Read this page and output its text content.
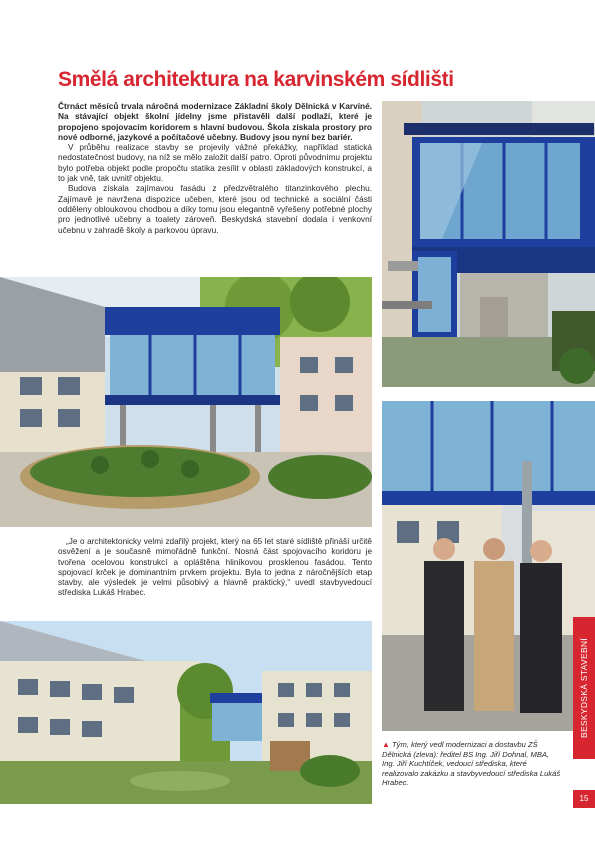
Smělá architektura na karvinském sídlišti

Čtrnáct měsíců trvala náročná modernizace Základní školy Dělnická v Karviné. Na stávající objekt školní jídelny jsme přistavěli další podlaží, které je propojeno spojovacím koridorem s hlavní budovou. Škola získala prostory pro nové odborné, jazykové a počítačové učebny. Budovy jsou nyní bez bariér.

V průběhu realizace stavby se projevily vážné překážky, například statická nedostatečnost budovy, na níž se mělo založit další patro. Oproti původnímu projektu bylo potřeba objekt podle propočtu statika zesílit v oblasti základových konstrukcí, a to jak vně, tak uvnitř objektu.

Budova získala zajímavou fasádu z předzvětralého titanzinkového plechu. Zajímavě je navržena dispozice učeben, které jsou od technické a sociální části odděleny obloukovou chodbou a díky tomu jsou elegantně vyřešeny potřebné plochy pro jednotlivé učebny a toalety zároveň. Beskydská stavební dodala i venkovní učebnu v zahradě školy a parkovou úpravu.

„Je o architektonicky velmi zdařilý projekt, který na 65 let staré sídliště přináší určitě osvěžení a je současně mimořádně funkční. Nosná část spojovacího koridoru je tvořena ocelovou konstrukcí a opláštěna hliníkovou prosklenou fasádou. Tento spojovací krček je dominantním prvkem projektu. Byla to jedna z náročnějších etap stavby, ale výsledek je velmi působivý a hlavně praktický,“ uvedl stavbyvedoucí střediska Lukáš Hrabec.
▲ Tým, který vedl modernizaci a dostavbu ZŠ Dělnická (zleva): ředitel BS Ing. Jiří Dohnal, MBA, Ing. Jiří Kuchtíček, vedoucí střediska, které realizovalo zakázku a stavbyvedoucí střediska Lukáš Hrabec.
BESKYDSKÁ STAVEBNÍ
15
